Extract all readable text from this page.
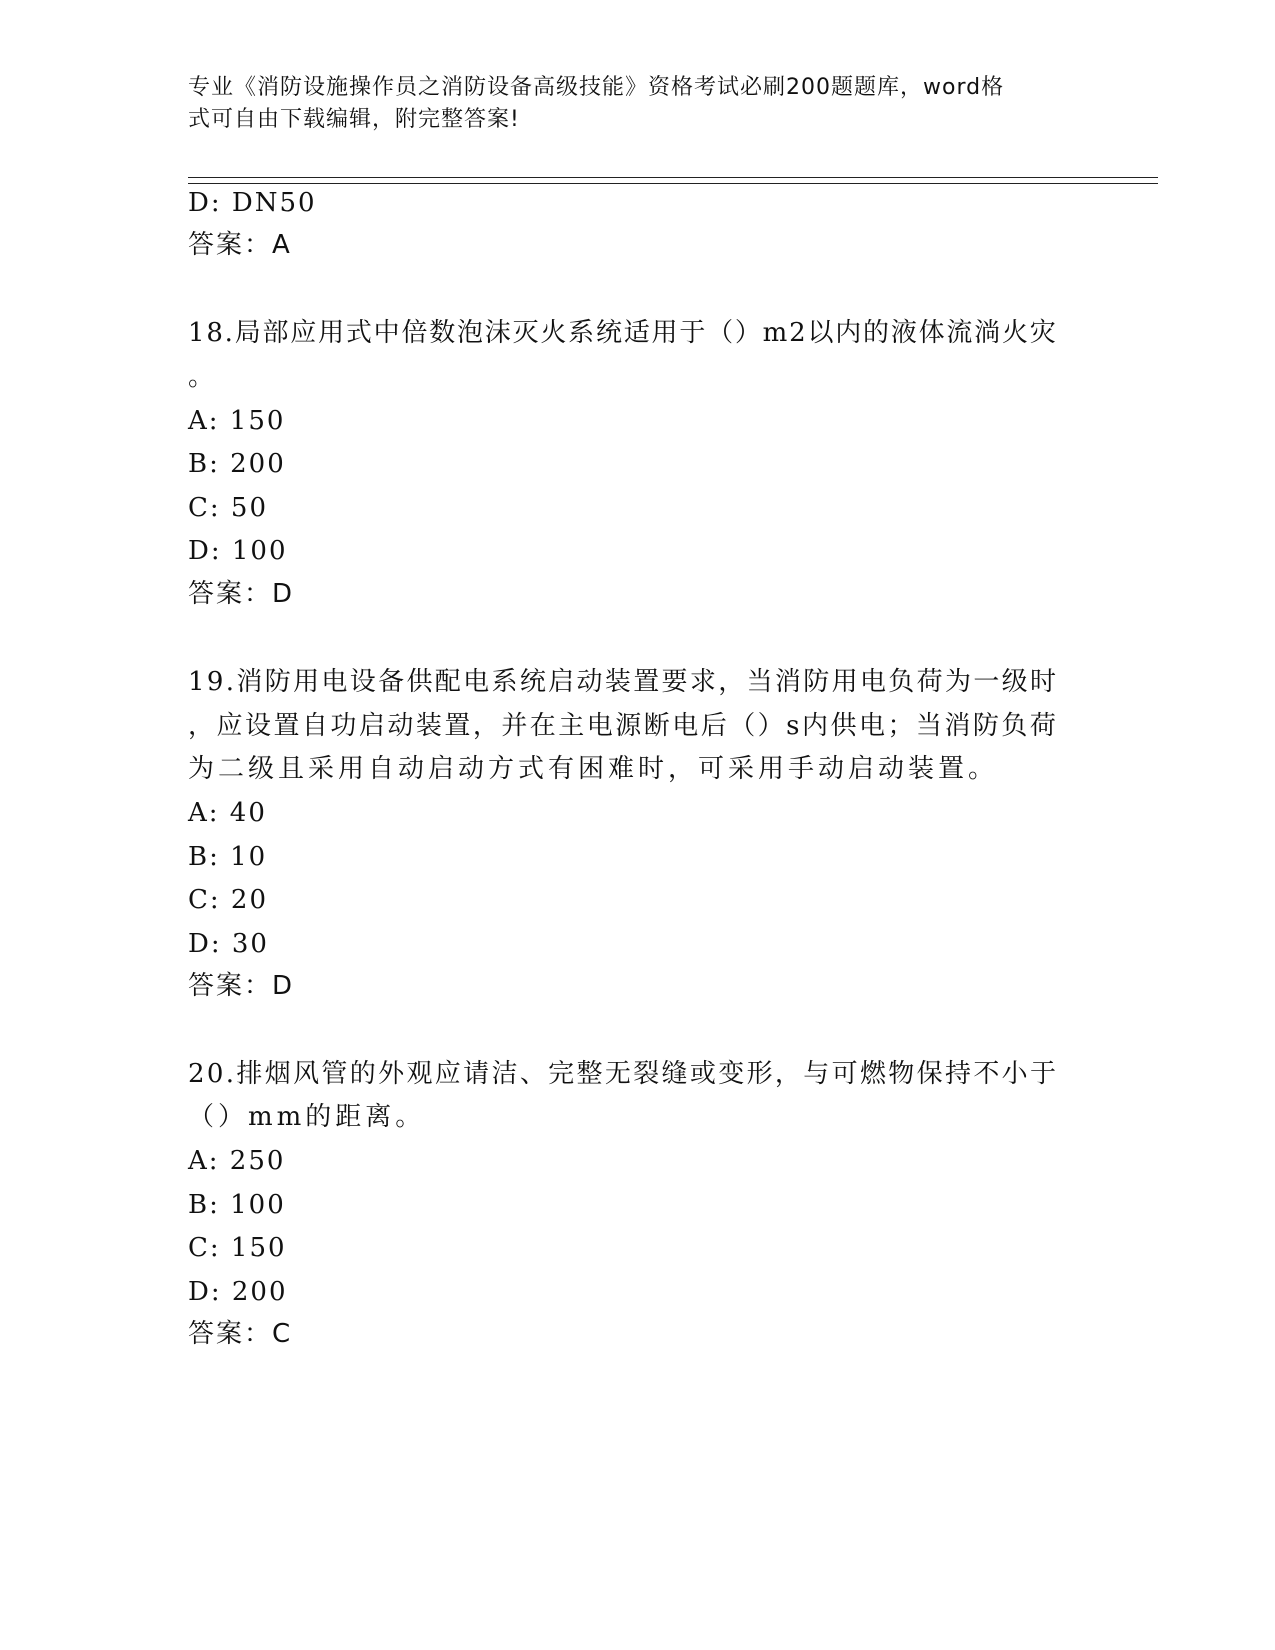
专业《消防设施操作员之消防设备高级技能》资格考试必刷200题题库，word格
式可自由下载编辑，附完整答案!
D: DN50
答案：A
18.局部应用式中倍数泡沫灭火系统适用于（）m2以内的液体流淌火灾
。
A: 150
B: 200
C: 50
D: 100
答案：D
19.消防用电设备供配电系统启动装置要求，当消防用电负荷为一级时
，应设置自功启动装置，并在主电源断电后（）s内供电；当消防负荷
为二级且采用自动启动方式有困难时，可采用手动启动装置。
A: 40
B: 10
C: 20
D: 30
答案：D
20.排烟风管的外观应请洁、完整无裂缝或变形，与可燃物保持不小于
（）mm的距离。
A: 250
B: 100
C: 150
D: 200
答案：C
